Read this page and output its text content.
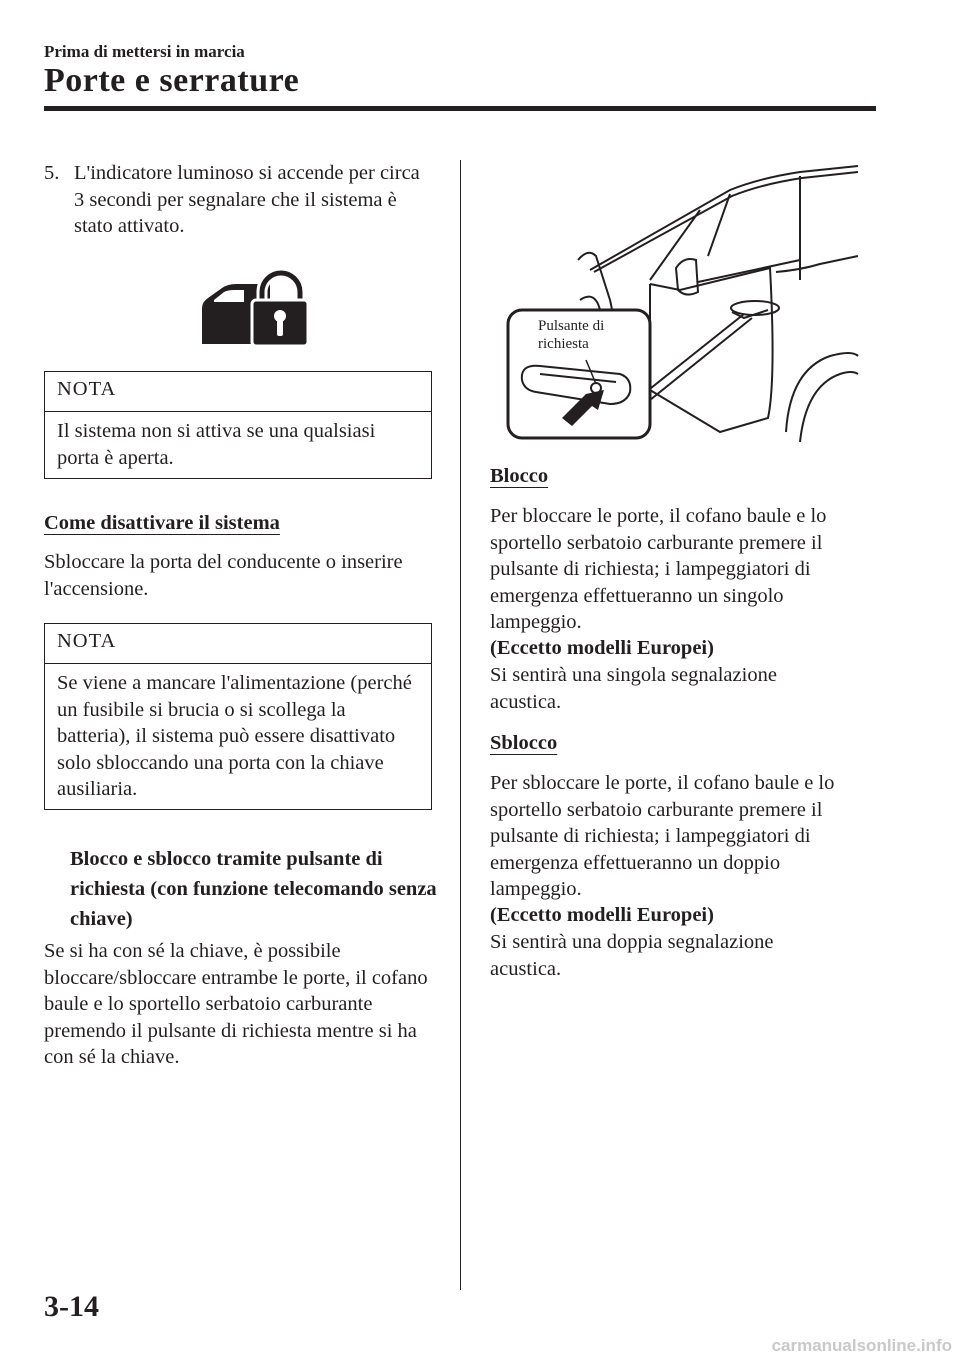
Prima di mettersi in marcia
Porte e serrature
5. L'indicatore luminoso si accende per circa 3 secondi per segnalare che il sistema è stato attivato.
NOTA
Il sistema non si attiva se una qualsiasi porta è aperta.
Come disattivare il sistema
Sbloccare la porta del conducente o inserire l'accensione.
NOTA
Se viene a mancare l'alimentazione (perché un fusibile si brucia o si scollega la batteria), il sistema può essere disattivato solo sbloccando una porta con la chiave ausiliaria.
Blocco e sblocco tramite pulsante di richiesta (con funzione telecomando senza chiave)
Se si ha con sé la chiave, è possibile bloccare/sbloccare entrambe le porte, il cofano baule e lo sportello serbatoio carburante premendo il pulsante di richiesta mentre si ha con sé la chiave.
Pulsante di
richiesta
Blocco
Per bloccare le porte, il cofano baule e lo sportello serbatoio carburante premere il pulsante di richiesta; i lampeggiatori di emergenza effettueranno un singolo lampeggio.
(Eccetto modelli Europei)
Si sentirà una singola segnalazione acustica.
Sblocco
Per sbloccare le porte, il cofano baule e lo sportello serbatoio carburante premere il pulsante di richiesta; i lampeggiatori di emergenza effettueranno un doppio lampeggio.
(Eccetto modelli Europei)
Si sentirà una doppia segnalazione acustica.
3-14
carmanualsonline.info
